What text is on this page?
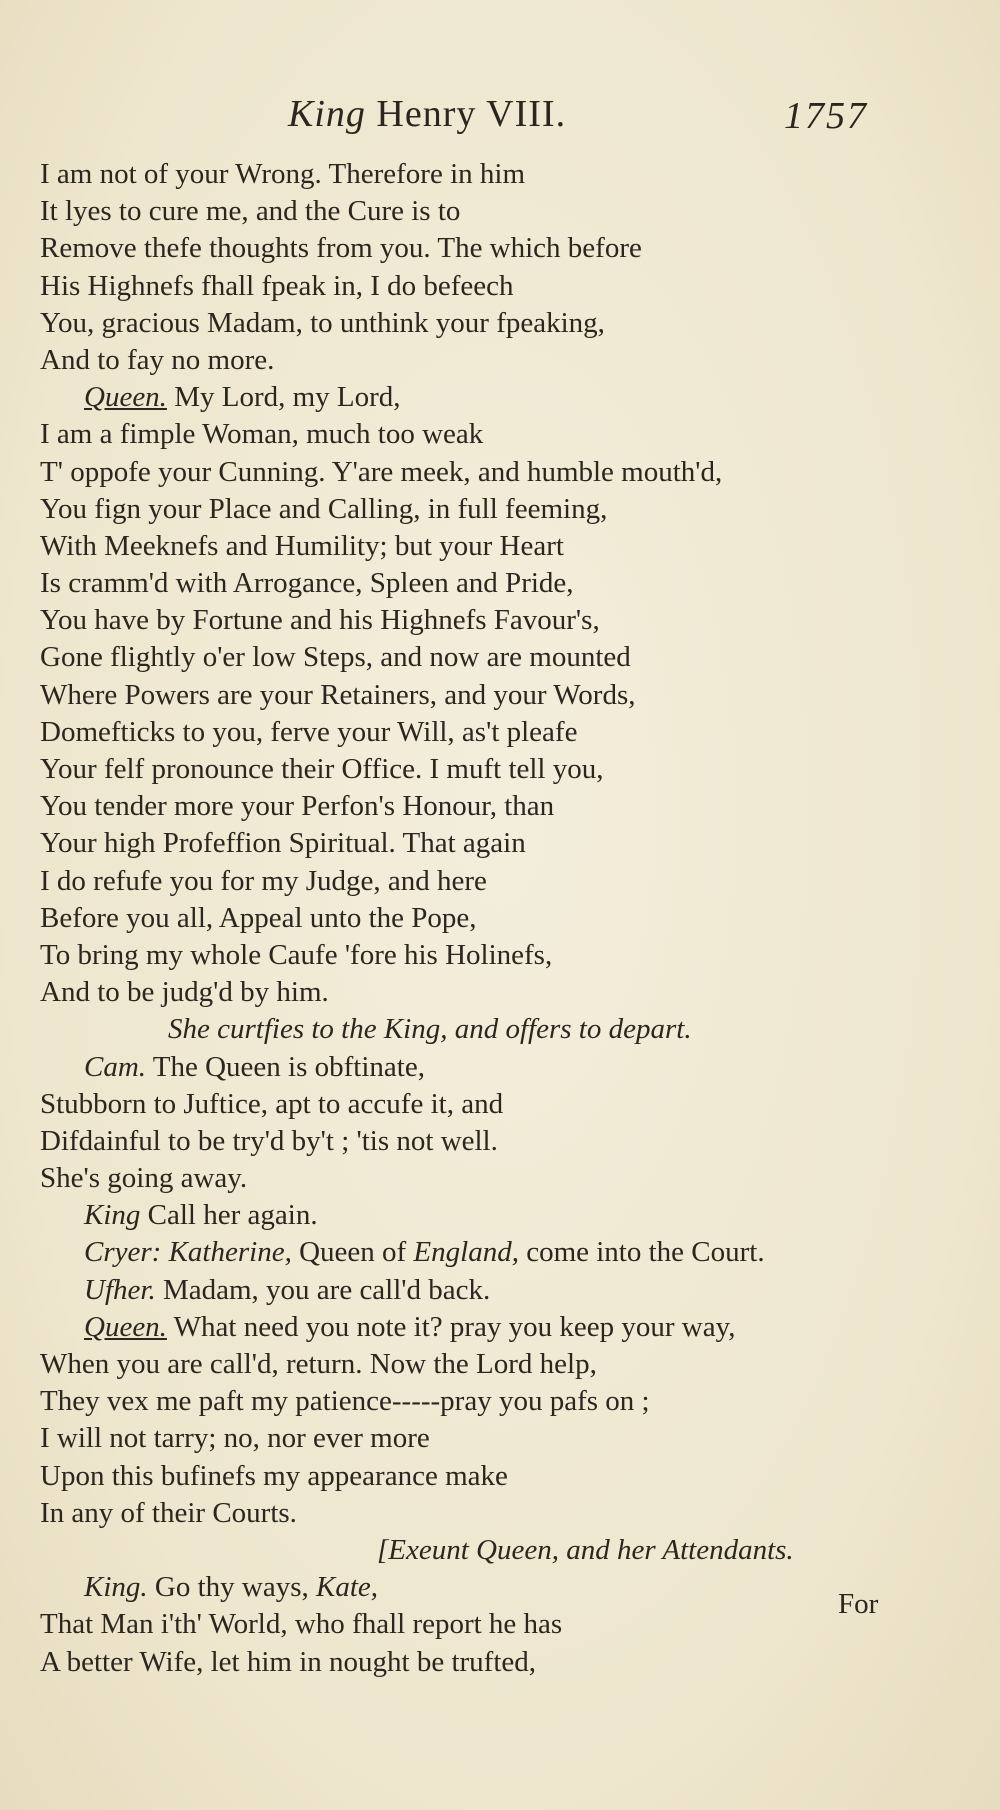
King Henry VIII.	1757
I am not of your Wrong. Therefore in him
It lyes to cure me, and the Cure is to
Remove thefe thoughts from you. The which before
His Highnefs fhall fpeak in, I do befeech
You, gracious Madam, to unthink your fpeaking,
And to fay no more.
Queen. My Lord, my Lord,
I am a fimple Woman, much too weak
T' oppofe your Cunning. Y'are meek, and humble mouth'd,
You fign your Place and Calling, in full feeming,
With Meeknefs and Humility; but your Heart
Is cramm'd with Arrogance, Spleen and Pride,
You have by Fortune and his Highnefs Favour's,
Gone flightly o'er low Steps, and now are mounted
Where Powers are your Retainers, and your Words,
Domefticks to you, ferve your Will, as't pleafe
Your felf pronounce their Office. I muft tell you,
You tender more your Perfon's Honour, than
Your high Profeffion Spiritual. That again
I do refufe you for my Judge, and here
Before you all, Appeal unto the Pope,
To bring my whole Caufe 'fore his Holinefs,
And to be judg'd by him.
She curtfies to the King, and offers to depart.
Cam. The Queen is obftinate,
Stubborn to Juftice, apt to accufe it, and
Difdainful to be try'd by't ; 'tis not well.
She's going away.
King Call her again.
Cryer: Katherine, Queen of England, come into the Court.
Ufher. Madam, you are call'd back.
Queen. What need you note it? pray you keep your way,
When you are call'd, return. Now the Lord help,
They vex me paft my patience-----pray you pafs on ;
I will not tarry; no, nor ever more
Upon this bufinefs my appearance make
In any of their Courts.
[Exeunt Queen, and her Attendants.
King. Go thy ways, Kate,
That Man i'th' World, who fhall report he has
A better Wife, let him in nought be trufted,
For
